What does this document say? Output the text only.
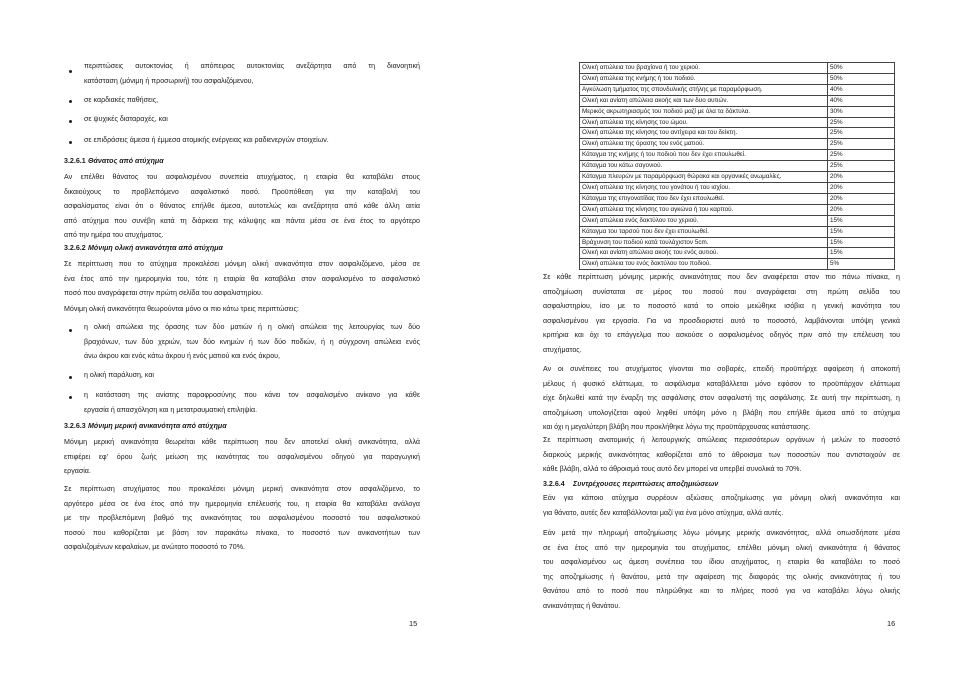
περιπτώσεις αυτοκτονίας ή απόπειρας αυτοκτονίας ανεξάρτητα από τη διανοητική
κατάσταση (μόνιμη ή προσωρινή) του ασφαλιζόμενου,
σε καρδιακές παθήσεις,
σε ψυχικές διαταραχές, και
σε επιδράσεις άμεσα ή έμμεσα ατομικής ενέργειας και ραδιενεργών στοιχείων.
3.2.6.1 Θάνατος από ατύχημα
Αν επέλθει θάνατος του ασφαλισμένου συνεπεία ατυχήματος, η εταιρία θα καταβάλει στους
δικαιούχους το προβλεπόμενο ασφαλιστικό ποσό. Προϋπόθεση για την καταβολή του
ασφαλίσματος είναι ότι ο θάνατος επήλθε άμεσα, αυτοτελώς και ανεξάρτητα από κάθε άλλη αιτία
από ατύχημα που συνέβη κατά τη διάρκεια της κάλυψης και πάντα μέσα σε ένα έτος το αργότερο
από την ημέρα του ατυχήματος.
3.2.6.2 Μόνιμη ολική ανικανότητα από ατύχημα
Σε περίπτωση που το ατύχημα προκαλέσει μόνιμη ολική ανικανότητα στον ασφαλιζόμενο, μέσα σε
ένα έτος από την ημερομηνία του, τότε η εταιρία θα καταβάλει στον ασφαλισμένο το ασφαλιστικό
ποσό που αναγράφεται στην πρώτη σελίδα του ασφαλιστηρίου.
Μόνιμη ολική ανικανότητα θεωρούνται μόνο οι πιο κάτω τρεις περιπτώσεις:
η ολική απώλεια της όρασης των δύο ματιών ή η ολική απώλεια της λειτουργίας των δύο
βραχιόνων, των δύο χεριών, των δύο κνημών ή των δύο ποδιών, ή η σύγχρονη απώλεια ενός
άνω άκρου και ενός κάτω άκρου ή ενός ματιού και ενός άκρου,
η ολική παράλυση, και
η κατάσταση της ανίατης παραφροσύνης που κάνει τον ασφαλισμένο ανίκανο για κάθε
εργασία ή απασχόληση και η μετατραυματική επιληψία.
3.2.6.3 Μόνιμη μερική ανικανότητα από ατύχημα
Μόνιμη μερική ανικανότητα θεωρείται κάθε περίπτωση που δεν αποτελεί ολική ανικανότητα, αλλά
επιφέρει εφ' όρου ζωής μείωση της ικανότητας του ασφαλισμένου οδηγού για παραγωγική
εργασία.
Σε περίπτωση ατυχήματος που προκαλέσει μόνιμη μερική ανικανότητα στον ασφαλιζόμενο, το
αργότερο μέσα σε ένα έτος από την ημερομηνία επέλευσής του, η εταιρία θα καταβάλει ανάλογα
με την προβλεπόμενη βαθμό της ανικανότητας του ασφαλισμένου ποσοστό του ασφαλιστικού
ποσού που καθορίζεται με βάση τον παρακάτω πίνακα, το ποσοστό των ανικανοτήτων των
ασφαλιζομένων κεφαλαίων, με ανώτατο ποσοστό το 70%.
15
Ολική απώλεια του βραχίονα ή του χεριού.	50%
Ολική απώλεια της κνήμης ή του ποδιού.	50%
Αγκύλωση τμήματος της σπονδυλικής στήλης με παραμόρφωση.	40%
Ολική και ανίατη απώλεια ακοής και των δυο αυτιών.	40%
Μερικός ακρωτηριασμός του ποδιού μαζί με όλα τα δάκτυλα.	30%
Ολική απώλεια της κίνησης του ώμου.	25%
Ολική απώλεια της κίνησης του αντίχειρα και του δείκτη.	25%
Ολική απώλεια της όρασης του ενός ματιού.	25%
Κάταγμα της κνήμης ή του ποδιού που δεν έχει επουλωθεί.	25%
Κάταγμα του κάτω σαγονιού.	25%
Κάταγμα πλευρών με παραμόρφωση θώρακα και οργανικές ανωμαλίες.	20%
Ολική απώλεια της κίνησης του γονάτου ή του ισχίου.	20%
Κάταγμα της επιγονατίδας που δεν έχει επουλωθεί.	20%
Ολική απώλεια της κίνησης του αγκώνα ή του καρπού.	20%
Ολική απώλεια ενός δακτύλου του χεριού.	15%
Κάταγμα του ταρσού που δεν έχει επουλωθεί.	15%
Βράχυνση του ποδιού κατά τουλάχιστον 5cm.	15%
Ολική και ανίατη απώλεια ακοής του ενός αυτιού.	15%
Ολική απώλεια του ενός δακτύλου του ποδιού.	5%
Σε κάθε περίπτωση μόνιμης μερικής ανικανότητας που δεν αναφέρεται στον πιο πάνω πίνακα, η
αποζημίωση συνίσταται σε μέρος του ποσού που αναγράφεται στη πρώτη σελίδα του
ασφαλιστηρίου, ίσο με το ποσοστό κατά το οποίο μειώθηκε ισόβια η γενική ικανότητα του
ασφαλισμένου για εργασία. Για να προσδιοριστεί αυτό το ποσοστό, λαμβάνονται υπόψη γενικά
κριτήρια και όχι το επάγγελμα που ασκούσε ο ασφαλισμένος οδηγός πριν από την επέλευση του
ατυχήματος.
Αν οι συνέπειες του ατυχήματος γίνονται πιο σοβαρές, επειδή προϋπήρχε αφαίρεση ή αποκοπή
μέλους ή φυσικό ελάττωμα, το ασφάλισμα καταβάλλεται μόνο εφόσον το προϋπάρχον ελάττωμα
είχε δηλωθεί κατά την έναρξη της ασφάλισης στον ασφαλιστή της ασφάλισης. Σε αυτή την περίπτωση, η
αποζημίωση υπολογίζεται αφού ληφθεί υπόψη μόνο η βλάβη που επήλθε άμεσα από το ατύχημα
και όχι η μεγαλύτερη βλάβη που προκλήθηκε λόγω της προϋπάρχουσας κατάστασης.
Σε περίπτωση ανατομικής ή λειτουργικής απώλειας περισσότερων οργάνων ή μελών το ποσοστό
διαρκούς μερικής ανικανότητας καθορίζεται από το άθροισμα των ποσοστών που αντιστοιχούν σε
κάθε βλάβη, αλλά το άθροισμά τους αυτό δεν μπορεί να υπερβεί συνολικά το 70%.
3.2.6.4 Συντρέχουσες περιπτώσεις αποζημιώσεων
Εάν για κάποιο ατύχημα συρρέουν αξιώσεις αποζημίωσης για μόνιμη ολική ανικανότητα και
για θάνατο, αυτές δεν καταβάλλονται μαζί για ένα μόνο ατύχημα, αλλά αυτές.
Εάν μετά την πληρωμή αποζημίωσης λόγω μόνιμης μερικής ανικανότητας, αλλά οπωσδήποτε μέσα
σε ένα έτος από την ημερομηνία του ατυχήματος, επέλθει μόνιμη ολική ανικανότητα ή θάνατος
του ασφαλισμένου ως άμεση συνέπεια του ίδιου ατυχήματος, η εταιρία θα καταβάλει το ποσό
της αποζημίωσης ή θανάτου, μετά την αφαίρεση της διαφοράς της ολικής ανικανότητας ή του
θανάτου από το ποσό που πληρώθηκε και το πλήρες ποσό για να καταβάλει λόγω ολικής
ανικανότητας ή θανάτου.
16
